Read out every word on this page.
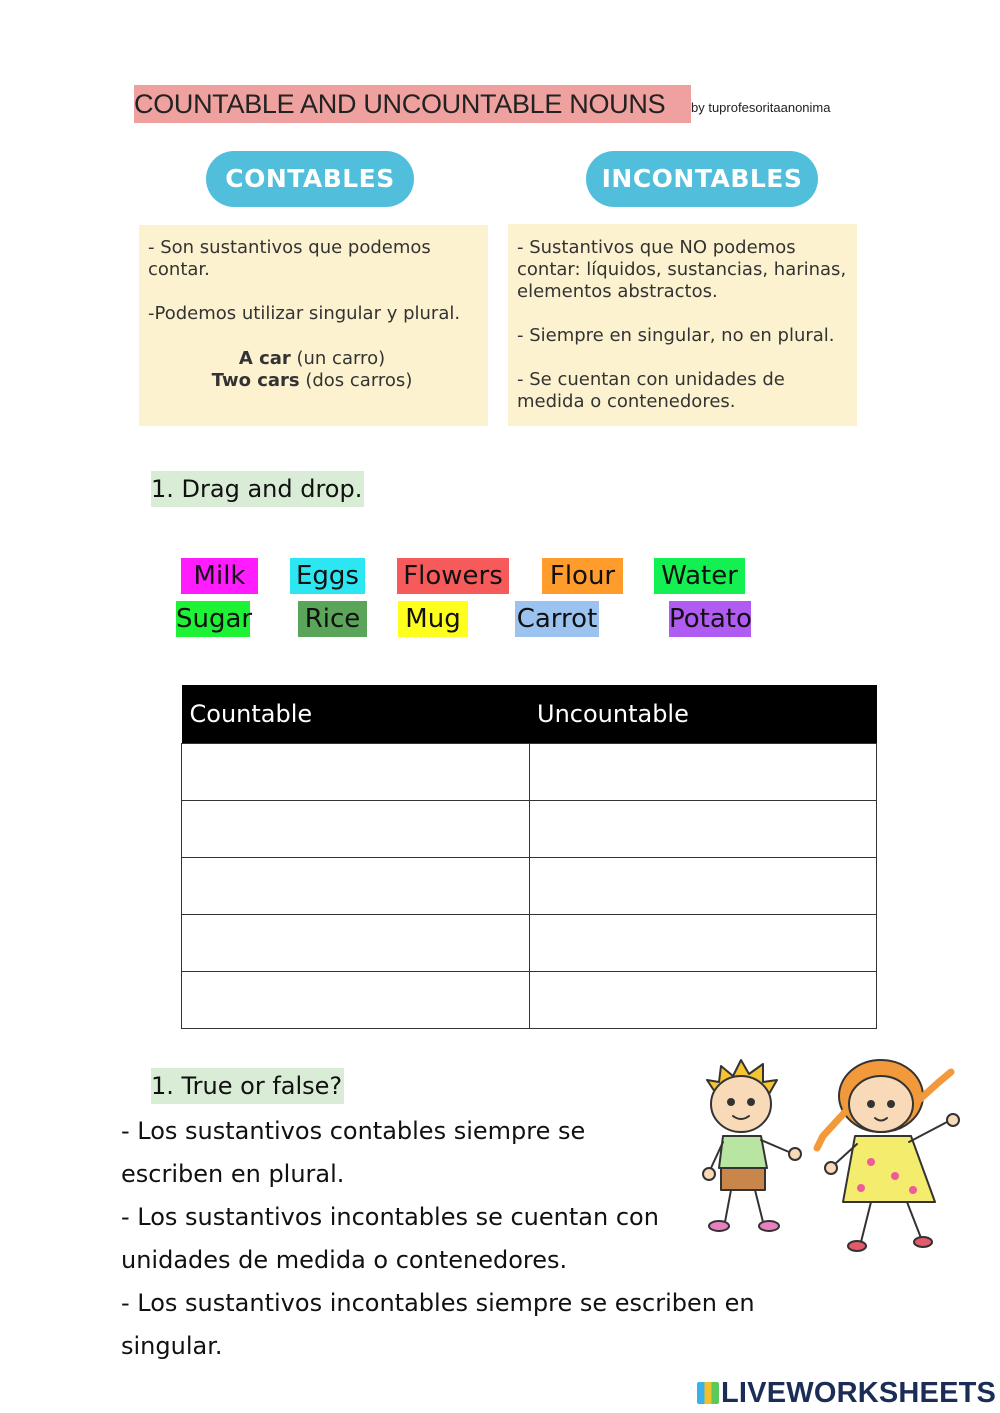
COUNTABLE AND UNCOUNTABLE NOUNS	by tuprofesoritaanonima
CONTABLES	INCONTABLES

- Son sustantivos que podemos contar.

-Podemos utilizar singular y plural.

A car (un carro)

Two cars (dos carros)

- Sustantivos que NO podemos contar: líquidos, sustancias, harinas, elementos abstractos.

- Siempre en singular, no en plural.

- Se cuentan con unidades de medida o contenedores.

1. Drag and drop.
Milk	Eggs Flowers	Flour	Water
Sugar Rice Mug Carrot	Potato
Countable	Uncountable

1. True or false?
- Los sustantivos contables siempre se
escriben en plural.
- Los sustantivos incontables se cuentan con
unidades de medida o contenedores.
- Los sustantivos incontables siempre se escriben en
singular.
LIVEWORKSHEETS
